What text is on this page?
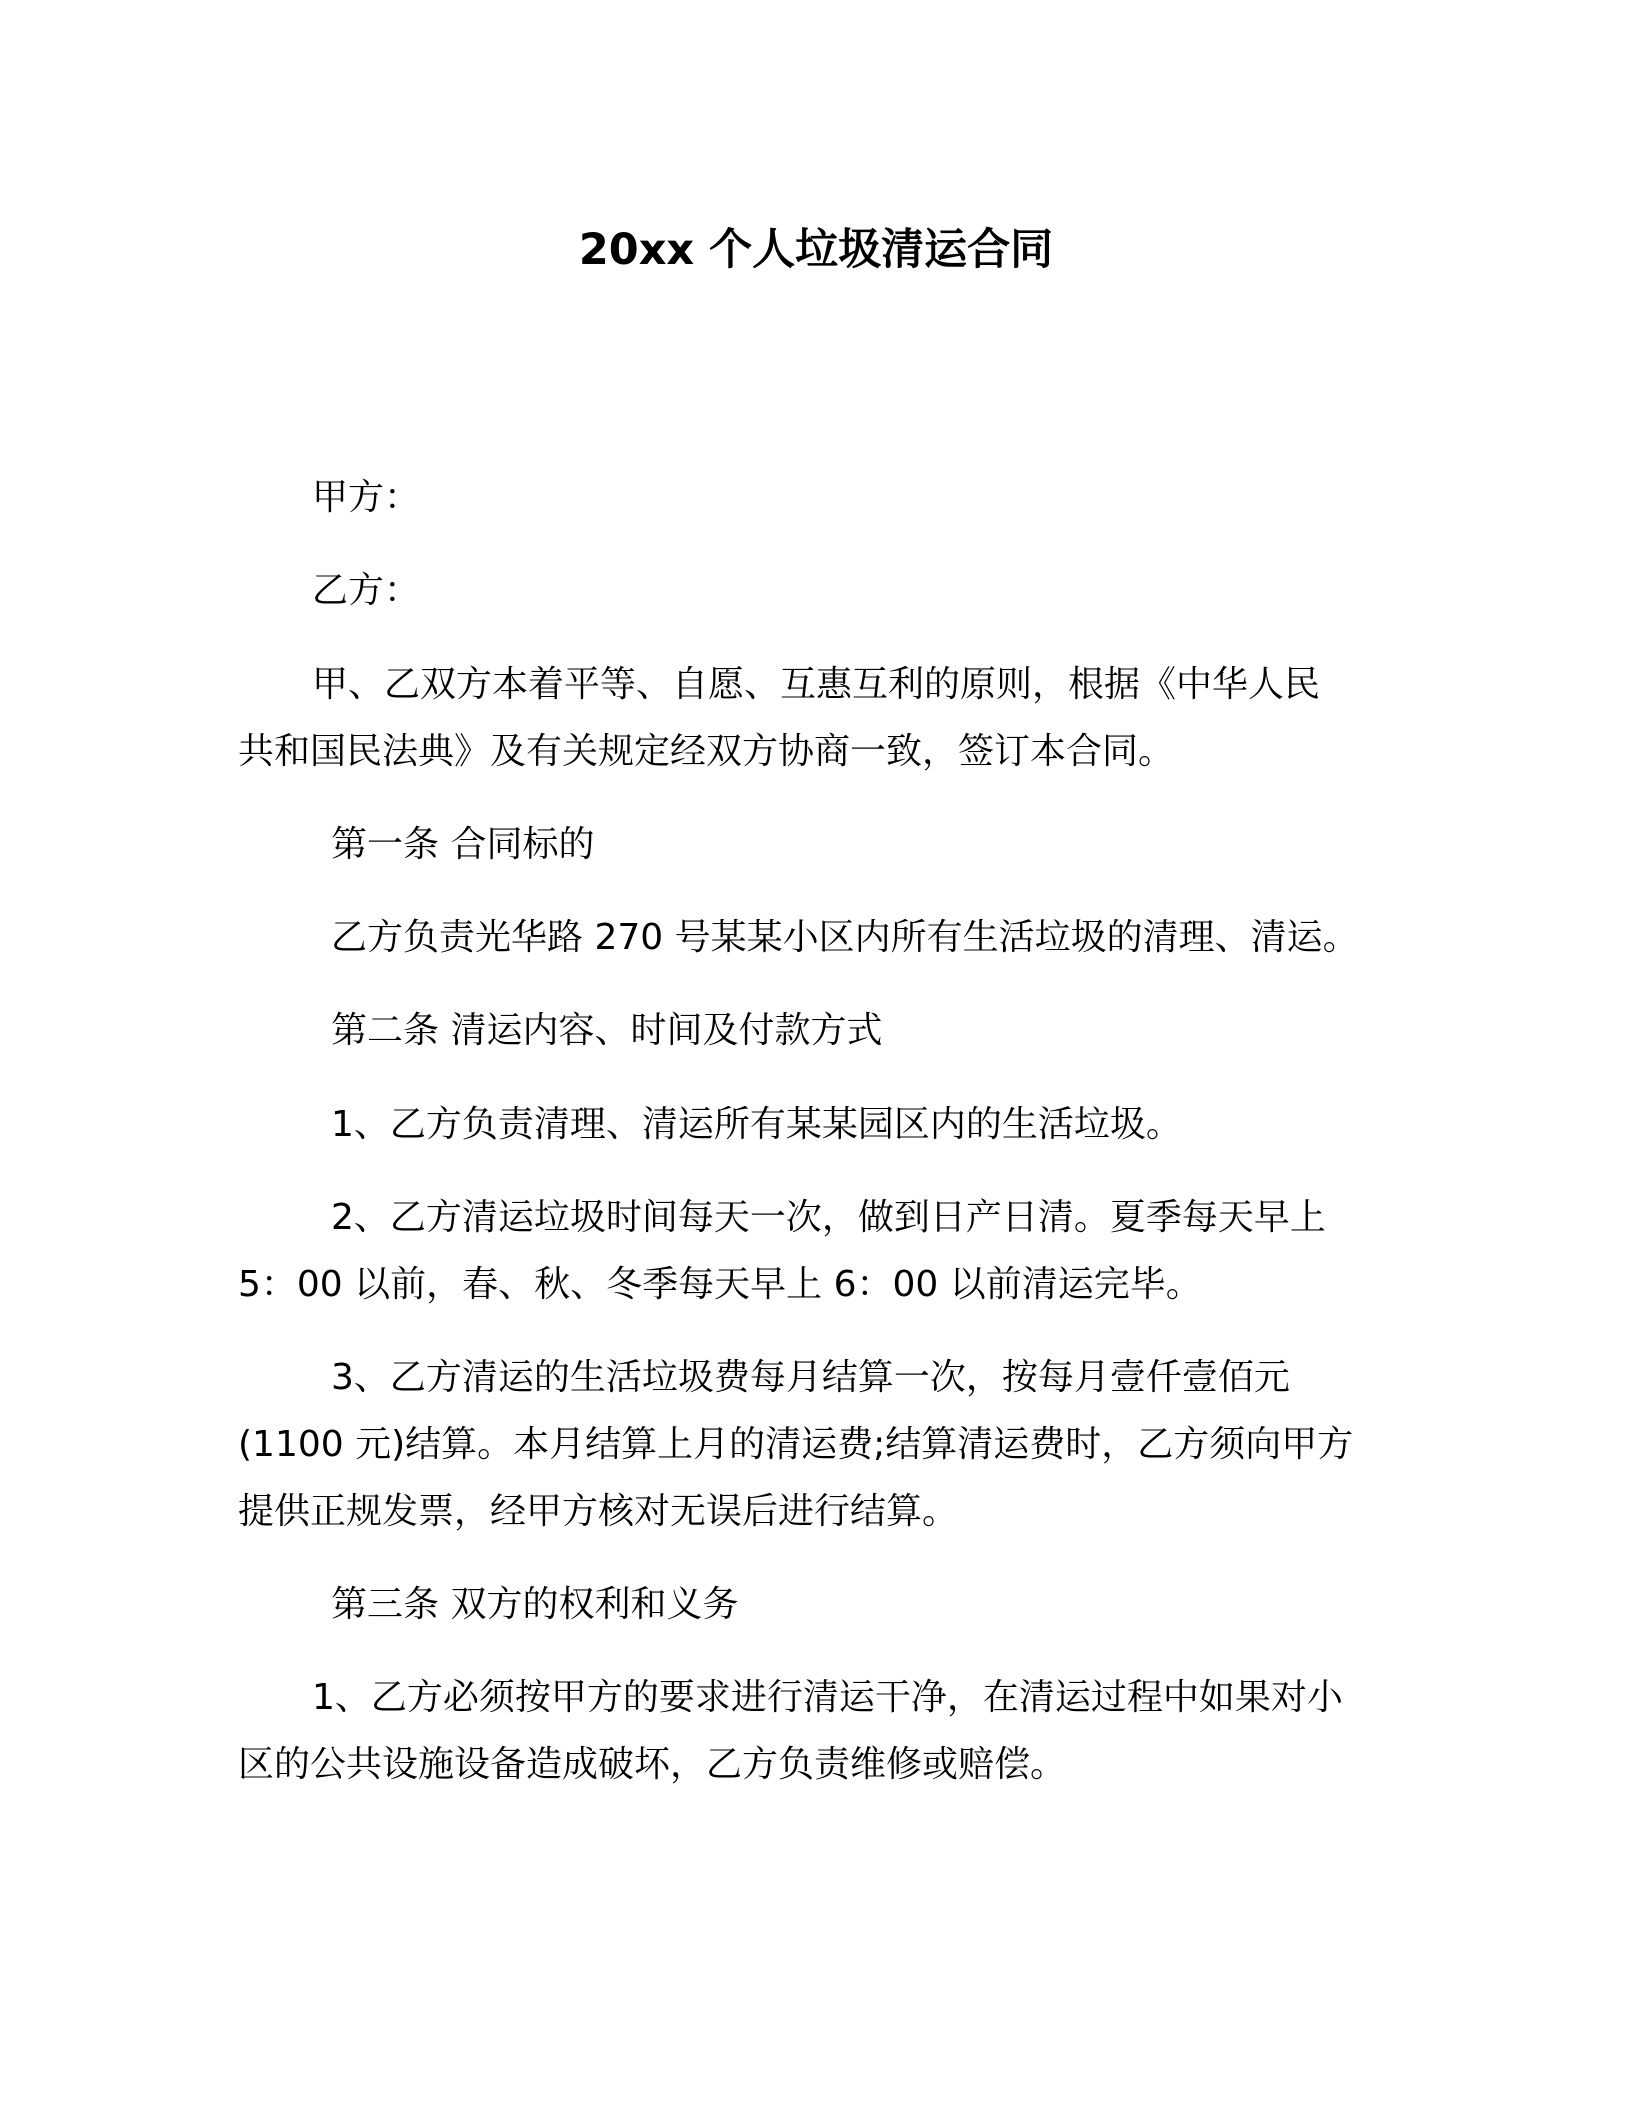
20xx 个人垃圾清运合同
甲方：
乙方：
甲、乙双方本着平等、自愿、互惠互利的原则，根据《中华人民
共和国民法典》及有关规定经双方协商一致，签订本合同。
第一条 合同标的
乙方负责光华路 270 号某某小区内所有生活垃圾的清理、清运。
第二条 清运内容、时间及付款方式
1、乙方负责清理、清运所有某某园区内的生活垃圾。
2、乙方清运垃圾时间每天一次，做到日产日清。夏季每天早上
5：00 以前，春、秋、冬季每天早上 6：00 以前清运完毕。
3、乙方清运的生活垃圾费每月结算一次，按每月壹仟壹佰元
(1100 元)结算。本月结算上月的清运费;结算清运费时，乙方须向甲方
提供正规发票，经甲方核对无误后进行结算。
第三条 双方的权利和义务
1、乙方必须按甲方的要求进行清运干净，在清运过程中如果对小
区的公共设施设备造成破坏，乙方负责维修或赔偿。
